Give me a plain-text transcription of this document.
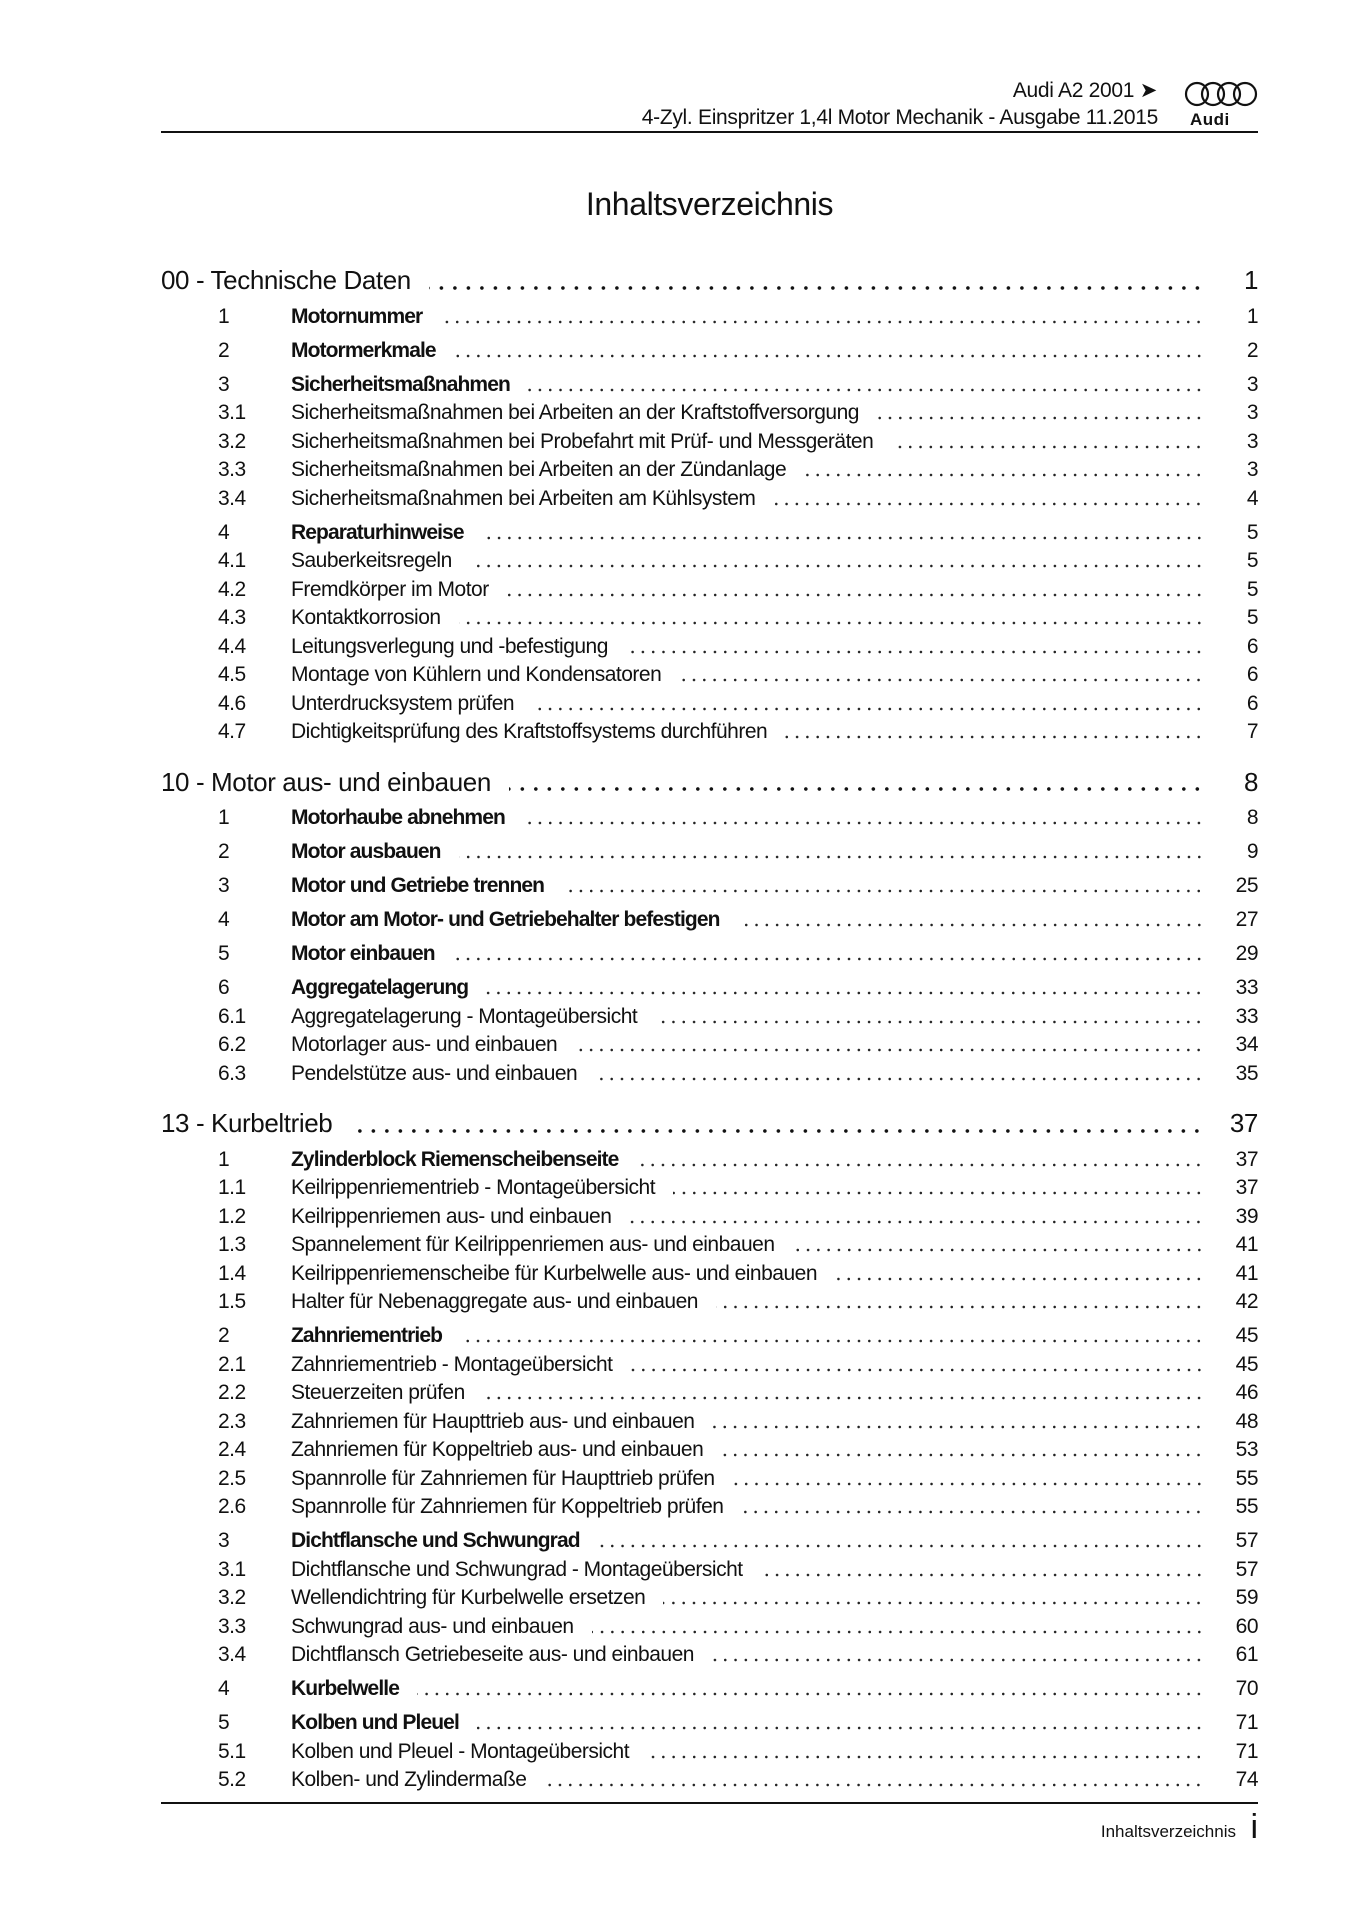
Audi A2 2001 ➤
4-Zyl. Einspritzer 1,4l Motor Mechanik - Ausgabe 11.2015
Inhaltsverzeichnis
00 - Technische Daten	1
1	Motornummer	1
2	Motormerkmale	2
3	Sicherheitsmaßnahmen	3
3.1	Sicherheitsmaßnahmen bei Arbeiten an der Kraftstoffversorgung	3
3.2	Sicherheitsmaßnahmen bei Probefahrt mit Prüf- und Messgeräten	3
3.3	Sicherheitsmaßnahmen bei Arbeiten an der Zündanlage	3
3.4	Sicherheitsmaßnahmen bei Arbeiten am Kühlsystem	4
4	Reparaturhinweise	5
4.1	Sauberkeitsregeln	5
4.2	Fremdkörper im Motor	5
4.3	Kontaktkorrosion	5
4.4	Leitungsverlegung und -befestigung	6
4.5	Montage von Kühlern und Kondensatoren	6
4.6	Unterdrucksystem prüfen	6
4.7	Dichtigkeitsprüfung des Kraftstoffsystems durchführen	7
10 - Motor aus- und einbauen	8
1	Motorhaube abnehmen	8
2	Motor ausbauen	9
3	Motor und Getriebe trennen	25
4	Motor am Motor- und Getriebehalter befestigen	27
5	Motor einbauen	29
6	Aggregatelagerung	33
6.1	Aggregatelagerung - Montageübersicht	33
6.2	Motorlager aus- und einbauen	34
6.3	Pendelstütze aus- und einbauen	35
13 - Kurbeltrieb	37
1	Zylinderblock Riemenscheibenseite	37
1.1	Keilrippenriementrieb - Montageübersicht	37
1.2	Keilrippenriemen aus- und einbauen	39
1.3	Spannelement für Keilrippenriemen aus- und einbauen	41
1.4	Keilrippenriemenscheibe für Kurbelwelle aus- und einbauen	41
1.5	Halter für Nebenaggregate aus- und einbauen	42
2	Zahnriementrieb	45
2.1	Zahnriementrieb - Montageübersicht	45
2.2	Steuerzeiten prüfen	46
2.3	Zahnriemen für Haupttrieb aus- und einbauen	48
2.4	Zahnriemen für Koppeltrieb aus- und einbauen	53
2.5	Spannrolle für Zahnriemen für Haupttrieb prüfen	55
2.6	Spannrolle für Zahnriemen für Koppeltrieb prüfen	55
3	Dichtflansche und Schwungrad	57
3.1	Dichtflansche und Schwungrad - Montageübersicht	57
3.2	Wellendichtring für Kurbelwelle ersetzen	59
3.3	Schwungrad aus- und einbauen	60
3.4	Dichtflansch Getriebeseite aus- und einbauen	61
4	Kurbelwelle	70
5	Kolben und Pleuel	71
5.1	Kolben und Pleuel - Montageübersicht	71
5.2	Kolben- und Zylindermaße	74
Inhaltsverzeichnis i
Audi
